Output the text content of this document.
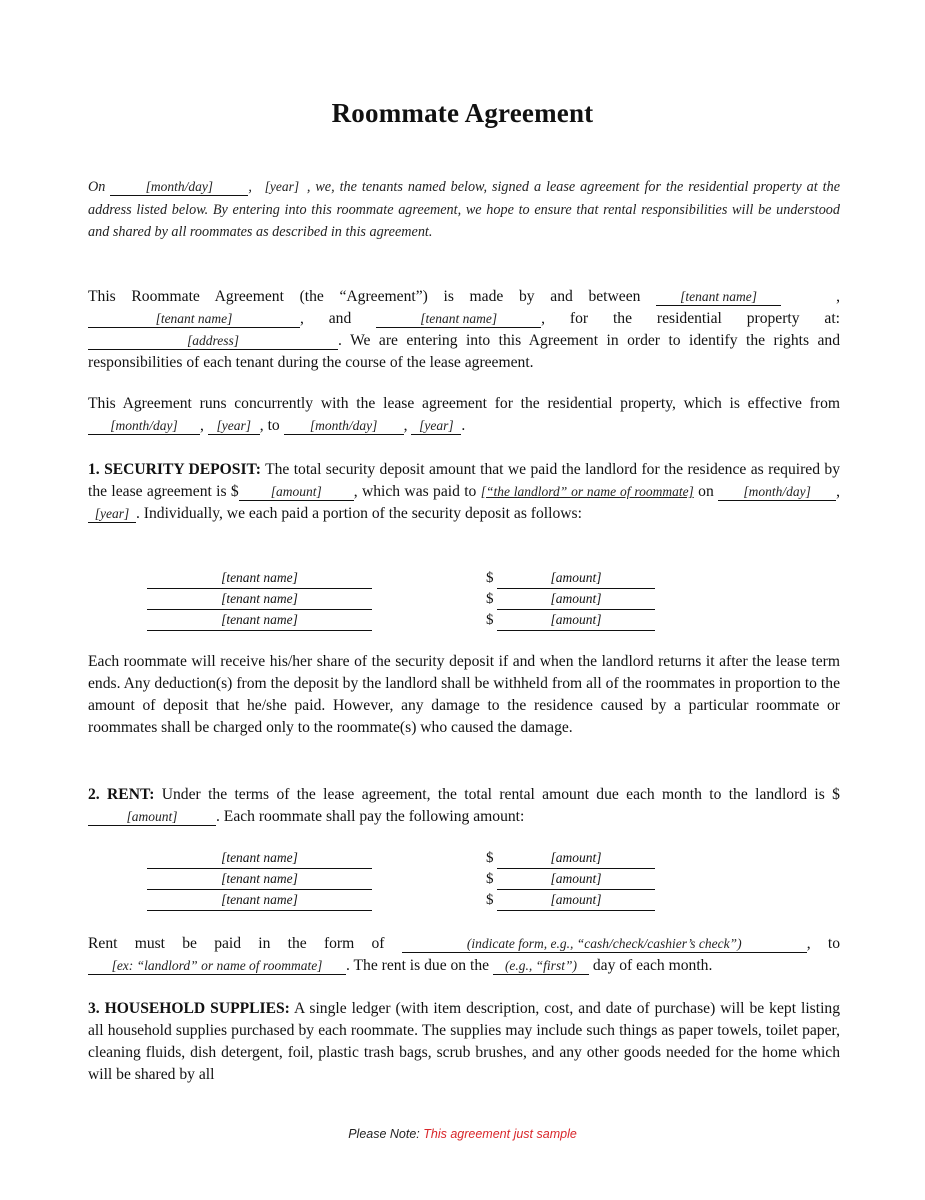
Roommate Agreement

On	[month/day] , [year] , we, the tenants named below, signed a lease agreement for the residential property at the address listed below. By entering into this roommate agreement, we hope to ensure that rental responsibilities will be understood and shared by all roommates as described in this agreement.

This Roommate Agreement (the “Agreement”) is made by and between [tenant name]	, [tenant name]	, and	[tenant name]	, for the residential property at: [address]	. We are entering into this Agreement in order to identify the rights and responsibilities of each tenant during the course of the lease agreement.

This Agreement runs concurrently with the lease agreement for the residential property, which is effective from [month/day] , [year] , to [month/day] , [year] .

1. SECURITY DEPOSIT: The total security deposit amount that we paid the landlord for the residence as required by the lease agreement is $ [amount] , which was paid to [“the landlord” or name of roommate] on [month/day] , [year] . Individually, we each paid a portion of the security deposit as follows:

[tenant name]	$	[amount]
[tenant name]	$	[amount]
[tenant name]	$	[amount]

Each roommate will receive his/her share of the security deposit if and when the landlord returns it after the lease term ends. Any deduction(s) from the deposit by the landlord shall be withheld from all of the roommates in proportion to the amount of deposit that he/she paid. However, any damage to the residence caused by a particular roommate or roommates shall be charged only to the roommate(s) who caused the damage.

2. RENT: Under the terms of the lease agreement, the total rental amount due each month to the landlord is $[amount] . Each roommate shall pay the following amount:

[tenant name]	$	[amount]
[tenant name]	$	[amount]
[tenant name]	$	[amount]

Rent must be paid in the form of	(indicate form, e.g., “cash/check/cashier’s check”)	, to [ex: “landlord” or name of roommate] . The rent is due on the (e.g., “first”) day of each month.

3. HOUSEHOLD SUPPLIES: A single ledger (with item description, cost, and date of purchase) will be kept listing all household supplies purchased by each roommate. The supplies may include such things as paper towels, toilet paper, cleaning fluids, dish detergent, foil, plastic trash bags, scrub brushes, and any other goods needed for the home which will be shared by all

Please Note: This agreement just sample
